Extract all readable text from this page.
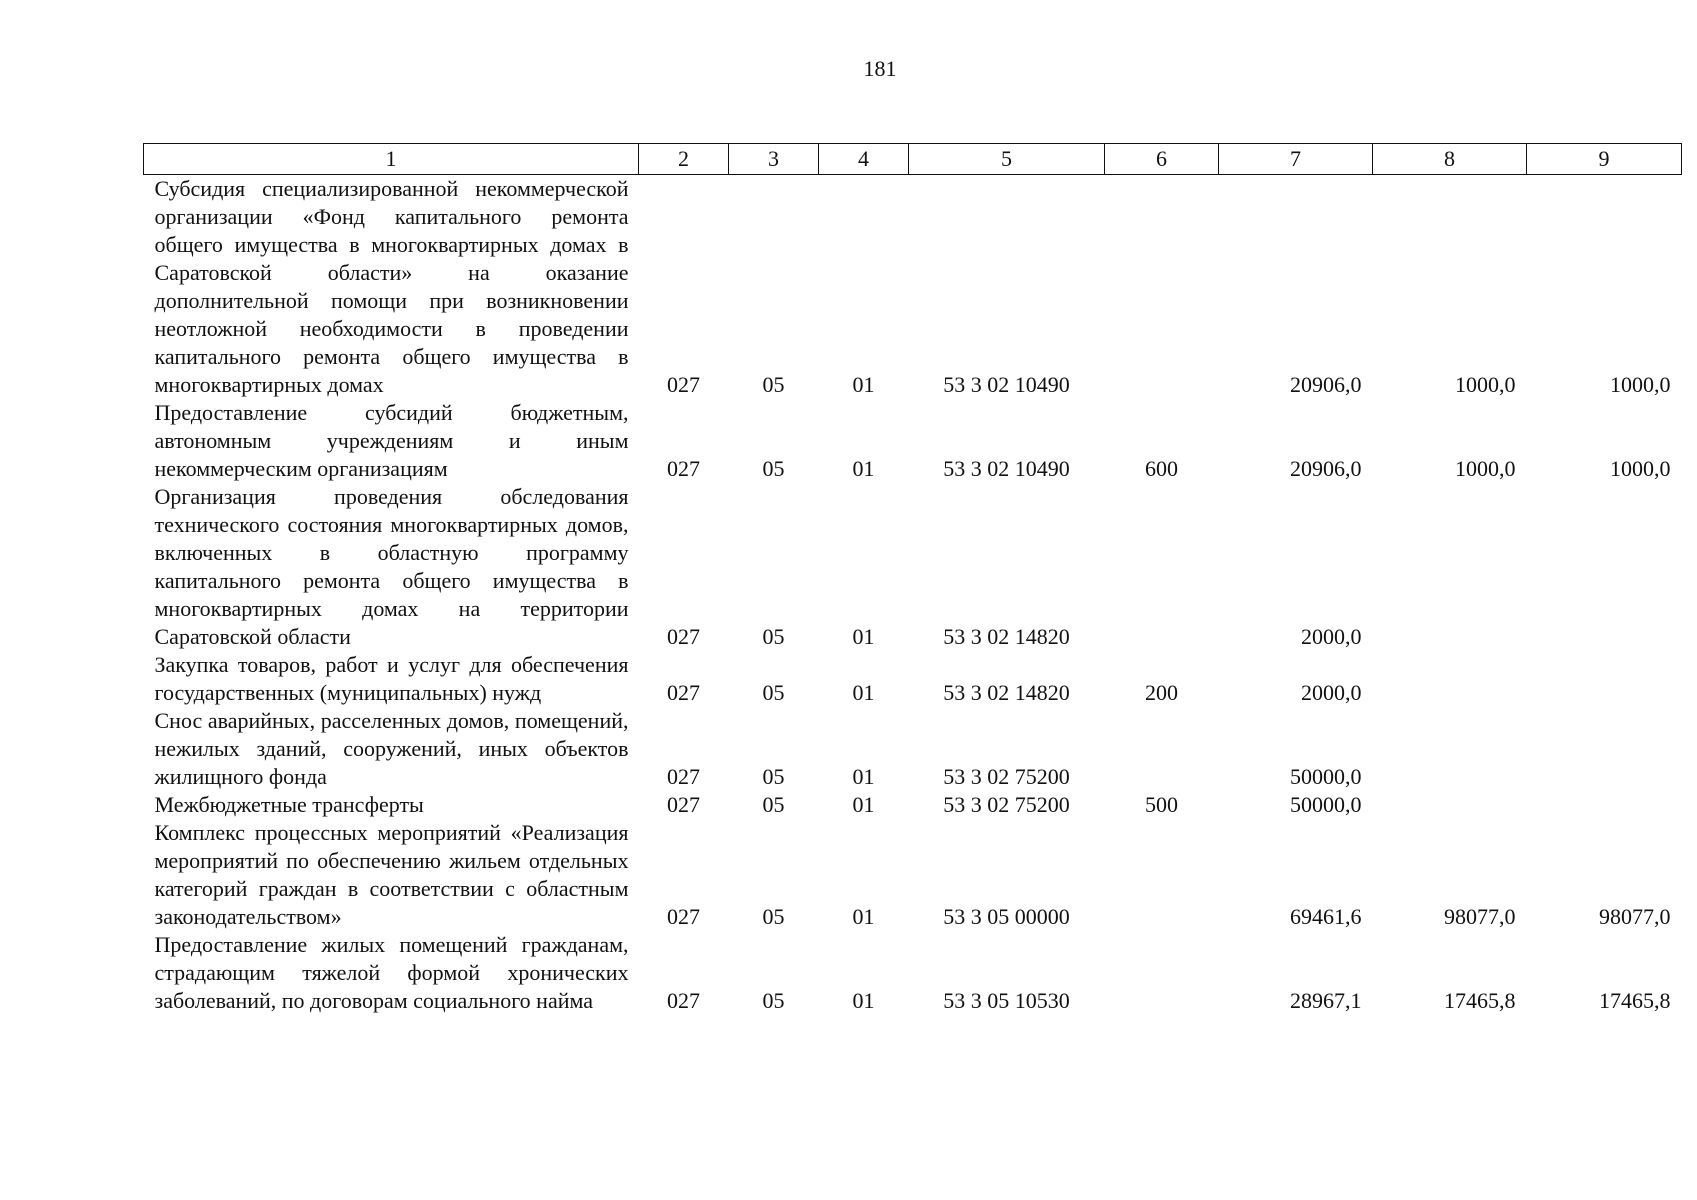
181
1	2	3	4	5	6	7	8	9
Субсидия специализированной некоммерческой организации «Фонд капитального ремонта общего имущества в многоквартирных домах в Саратовской области» на оказание дополнительной помощи при возникновении неотложной необходимости в проведении капитального ремонта общего имущества в многоквартирных домах	027	05	01	53 3 02 10490		20906,0	1000,0	1000,0
Предоставление субсидий бюджетным, автономным учреждениям и иным некоммерческим организациям	027	05	01	53 3 02 10490	600	20906,0	1000,0	1000,0
Организация проведения обследования технического состояния многоквартирных домов, включенных в областную программу капитального ремонта общего имущества в многоквартирных домах на территории Саратовской области	027	05	01	53 3 02 14820		2000,0		
Закупка товаров, работ и услуг для обеспечения государственных (муниципальных) нужд	027	05	01	53 3 02 14820	200	2000,0		
Снос аварийных, расселенных домов, помещений, нежилых зданий, сооружений, иных объектов жилищного фонда	027	05	01	53 3 02 75200		50000,0		
Межбюджетные трансферты	027	05	01	53 3 02 75200	500	50000,0		
Комплекс процессных мероприятий «Реализация мероприятий по обеспечению жильем отдельных категорий граждан в соответствии с областным законодательством»	027	05	01	53 3 05 00000		69461,6	98077,0	98077,0
Предоставление жилых помещений гражданам, страдающим тяжелой формой хронических заболеваний, по договорам социального найма	027	05	01	53 3 05 10530		28967,1	17465,8	17465,8
